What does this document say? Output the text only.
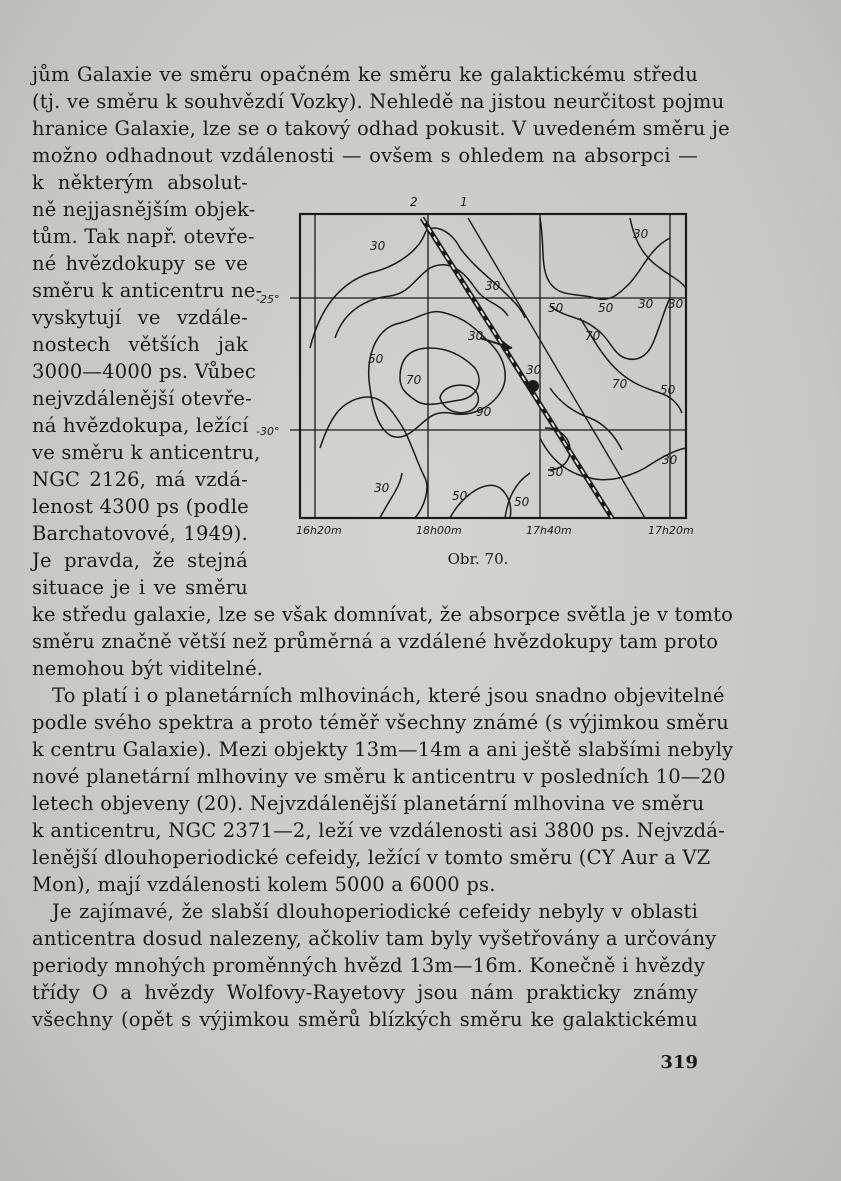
jům Galaxie ve směru opačném ke směru ke galaktickému středu
(tj. ve směru k souhvězdí Vozky). Nehledě na jistou neurčitost pojmu
hranice Galaxie, lze se o takový odhad pokusit. V uvedeném směru je
možno odhadnout vzdálenosti — ovšem s ohledem na absorpci —
k některým absolut-
ně nejjasnějším objek-
tům. Tak např. otevře-
né hvězdokupy se ve
směru k anticentru ne-
vyskytují ve vzdále-
nostech větších jak
3000—4000 ps. Vůbec
nejvzdálenější otevře-
ná hvězdokupa, ležící
ve směru k anticentru,
NGC 2126, má vzdá-
lenost 4300 ps (podle
Barchatovové, 1949).
Je pravda, že stejná
situace je i ve směru
ke středu galaxie, lze se však domnívat, že absorpce světla je v tomto
směru značně větší než průměrná a vzdálené hvězdokupy tam proto
nemohou být viditelné.
To platí i o planetárních mlhovinách, které jsou snadno objevitelné
podle svého spektra a proto téměř všechny známé (s výjimkou směru
k centru Galaxie). Mezi objekty 13m—14m a ani ještě slabšími nebyly
nové planetární mlhoviny ve směru k anticentru v posledních 10—20
letech objeveny (20). Nejvzdálenější planetární mlhovina ve směru
k anticentru, NGC 2371—2, leží ve vzdálenosti asi 3800 ps. Nejvzdá-
lenější dlouhoperiodické cefeidy, ležící v tomto směru (CY Aur a VZ
Mon), mají vzdálenosti kolem 5000 a 6000 ps.
Je zajímavé, že slabší dlouhoperiodické cefeidy nebyly v oblasti
anticentra dosud nalezeny, ačkoliv tam byly vyšetřovány a určovány
periody mnohých proměnných hvězd 13m—16m. Konečně i hvězdy
třídy O a hvězdy Wolfovy-Rayetovy jsou nám prakticky známy
všechny (opět s výjimkou směrů blízkých směru ke galaktickému
2	1
-25°
-30°
16h20m	18h00m	17h40m	17h20m
30
30
30
30
50	50 30 30
70
50
70
30
90
70	50
30
30
30
50	50
Obr. 70.
319
